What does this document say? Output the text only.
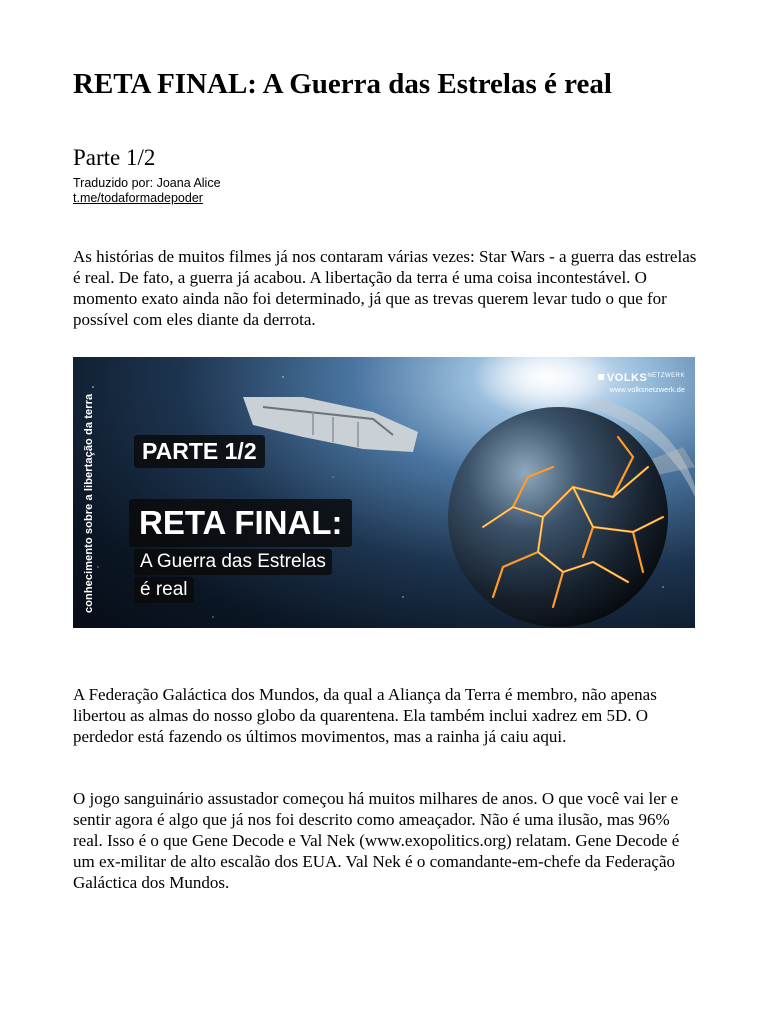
RETA FINAL: A Guerra das Estrelas é real
Parte 1/2
Traduzido por: Joana Alice
t.me/todaformadepoder

As histórias de muitos filmes já nos contaram várias vezes: Star Wars - a guerra das estrelas é real. De fato, a guerra já acabou. A libertação da terra é uma coisa incontestável. O momento exato ainda não foi determinado, já que as trevas querem levar tudo o que for possível com eles diante da derrota.

A Federação Galáctica dos Mundos, da qual a Aliança da Terra é membro, não apenas libertou as almas do nosso globo da quarentena. Ela também inclui xadrez em 5D. O perdedor está fazendo os últimos movimentos, mas a rainha já caiu aqui.

O jogo sanguinário assustador começou há muitos milhares de anos. O que você vai ler e sentir agora é algo que já nos foi descrito como ameaçador. Não é uma ilusão, mas 96% real. Isso é o que Gene Decode e Val Nek (www.exopolitics.org) relatam. Gene Decode é um ex-militar de alto escalão dos EUA. Val Nek é o comandante-em-chefe da Federação Galáctica dos Mundos.

conhecimento sobre a libertação da terra	PARTE 1/2
RETA FINAL:
A Guerra das Estrelas
é real
$VOLKS^{NETZWERK}$
www.volksnetzwerk.de
